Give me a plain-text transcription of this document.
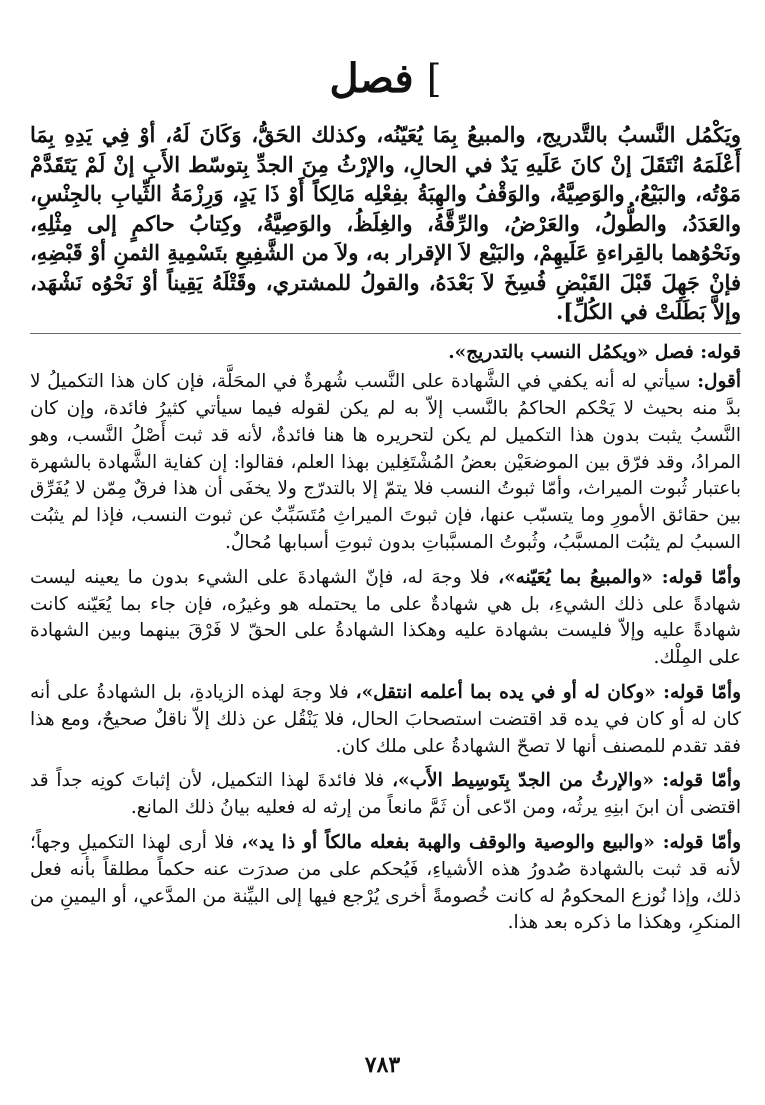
] فصل

ويَكْمُل النَّسبُ بالتَّدريج، والمبيعُ بِمَا يُعَيّنُه، وكذلك الحَقُّ، وَكَانَ لَهُ، أوْ فِي يَدِهِ بِمَا أَعْلَمَهُ انْتَقَلَ إنْ كانَ عَلَيهِ يَدٌ في الحالِ، والإرْثُ مِنَ الجدِّ بِتوسّط الأَبِ إنْ لَمْ يَتَقَدَّمْ مَوْتُه، والبَيْعُ، والوَصِيَّةُ، والوَقْفُ والهِبَةُ بفِعْلِه مَالِكاً أَوْ ذَا يَدٍ، وَرِزْمَةُ الثِّيابِ بالجِنْسِ، والعَدَدُ، والطُّولُ، والعَرْضُ، والرِّقَّةُ، والغِلَظُ، والوَصِيَّةُ، وكِتابُ حاكمٍ إلى مِثْلِهِ، ونَحْوُهما بالقِراءةِ عَلَيهِمْ، والبَيْع لاَ الإقرار به، ولاَ من الشَّفِيعِ بتَسْمِيةِ الثمنِ أوْ قَبْضِهِ، فإنْ جَهِلَ قَبْلَ القَبْضِ فُسِخَ لاَ بَعْدَهُ، والقولُ للمشتري، وقَتْلَهُ يَقِيناً أوْ نَحْوُه نَشْهَد، وإلاَّ بَطَلَتْ في الكُلِّ].

قوله: فصل «ويكمُل النسب بالتدريج».

أقول: سيأتي له أنه يكفي في الشَّهادة على النَّسب شُهرةٌ في المحَلَّة، فإن كان هذا التكميلُ لا بدَّ منه بحيث لا يَحْكم الحاكمُ بالنَّسب إلاّ به لم يكن لقوله فيما سيأتي كثيرُ فائدة، وإن كان النَّسبُ يثبت بدون هذا التكميل لم يكن لتحريره ها هنا فائدةٌ، لأنه قد ثبت أَصْلُ النَّسب، وهو المرادُ، وقد فرّق بين الموضعَيْن بعضُ المُشْتَغِلين بهذا العلم، فقالوا: إن كفاية الشَّهادة بالشهرة باعتبار ثُبوت الميراث، وأمّا ثبوتُ النسب فلا يتمّ إلا بالتدرّج ولا يخفَى أن هذا فرقٌ مِمّن لا يُفَرِّق بين حقائق الأمورِ وما يتسبّب عنها، فإن ثبوتَ الميراثِ مُتَسَبِّبٌ عن ثبوت النسب، فإذا لم يثبُت السببُ لم يثبُت المسبَّبُ، وثُبوتُ المسبَّباتِ بدون ثبوتِ أسبابها مُحالٌ.

وأمّا قوله: «والمبيعُ بما يُعَيّنه»، فلا وجهَ له، فإنّ الشهادةَ على الشيء بدون ما يعينه ليست شهادةً على ذلك الشيءِ، بل هي شهادةٌ على ما يحتمله هو وغيرُه، فإن جاء بما يُعَيّنه كانت شهادةً عليه وإلاّ فليست بشهادة عليه وهكذا الشهادةُ على الحقّ لا فَرْقَ بينهما وبين الشهادة على المِلْك.

وأمّا قوله: «وكان له أو في يده بما أعلمه انتقل»، فلا وجهَ لهذه الزيادةِ، بل الشهادةُ على أنه كان له أو كان في يده قد اقتضت استصحابَ الحال، فلا يَنْقُل عن ذلك إلاّ ناقلٌ صحيحٌ، ومع هذا فقد تقدم للمصنف أنها لا تصحّ الشهادةُ على ملك كان.

وأمّا قوله: «والإرثُ من الجدّ بِتَوسِيط الأَب»، فلا فائدةَ لهذا التكميل، لأن إثباتَ كونِه جداً قد اقتضى أن ابنَ ابنِهِ يرثُه، ومن ادّعى أن ثَمَّ مانعاً من إرثه له فعليه بيانُ ذلك المانع.

وأمّا قوله: «والبيع والوصية والوقف والهبة بفعله مالكاً أو ذا يد»، فلا أرى لهذا التكميلِ وجهاً؛ لأنه قد ثبت بالشهادة صُدورُ هذه الأشياءِ، فَيُحكم على من صدرَت عنه حكماً مطلقاً بأنه فعل ذلك، وإذا نُوزع المحكومُ له كانت خُصومةً أخرى يُرْجع فيها إلى البيِّنة من المدَّعي، أو اليمينِ من المنكرِ، وهكذا ما ذكره بعد هذا.

٧٨٣
